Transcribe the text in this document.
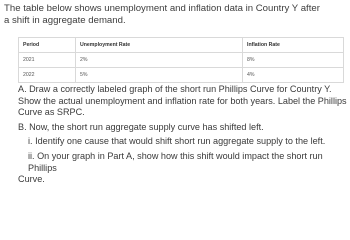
The table below shows unemployment and inflation data in Country Y after a shift in aggregate demand.
Period	Unemployment Rate	Inflation Rate
2021	2%	8%
2022	5%	4%

A. Draw a correctly labeled graph of the short run Phillips Curve for Country Y. Show the actual unemployment and inflation rate for both years. Label the Phillips Curve as SRPC.

B. Now, the short run aggregate supply curve has shifted left.

i. Identify one cause that would shift short run aggregate supply to the left.

ii. On your graph in Part A, show how this shift would impact the short run Phillips
Curve.
